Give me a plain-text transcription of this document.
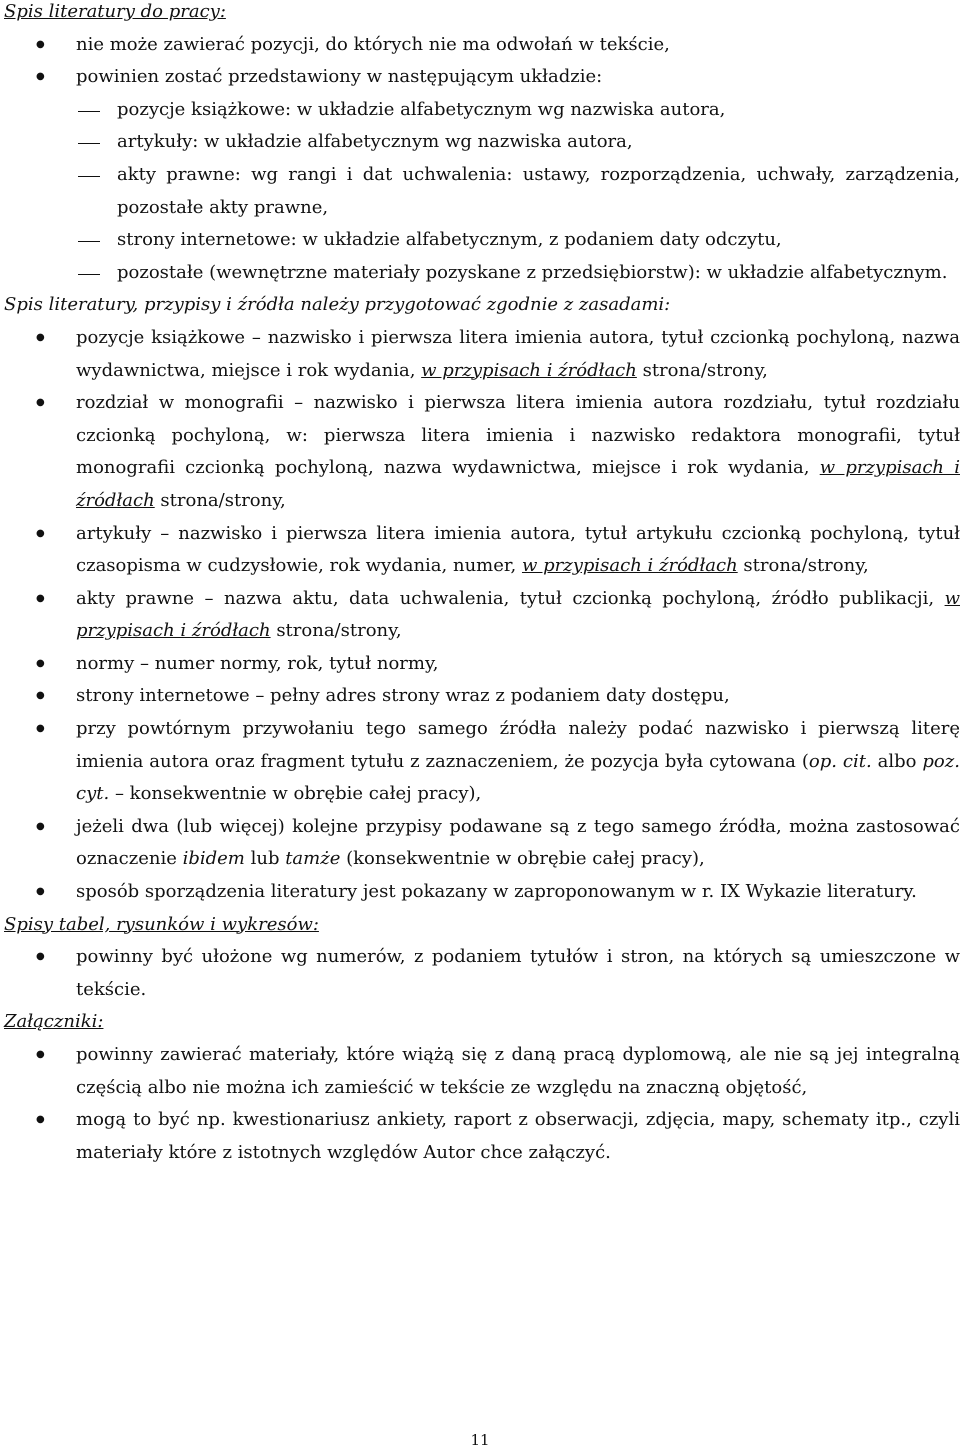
Spis literatury do pracy:

● nie może zawierać pozycji, do których nie ma odwołań w tekście,
● powinien zostać przedstawiony w następującym układzie:
pozycje książkowe: w układzie alfabetycznym wg nazwiska autora,
artykuły: w układzie alfabetycznym wg nazwiska autora,
akty prawne: wg rangi i dat uchwalenia: ustawy, rozporządzenia, uchwały, zarządzenia, pozostałe akty prawne,
strony internetowe: w układzie alfabetycznym, z podaniem daty odczytu,
pozostałe (wewnętrzne materiały pozyskane z przedsiębiorstw): w układzie alfabetycznym.

Spis literatury, przypisy i źródła należy przygotować zgodnie z zasadami:

● pozycje książkowe – nazwisko i pierwsza litera imienia autora, tytuł czcionką pochyloną, nazwa wydawnictwa, miejsce i rok wydania, w przypisach i źródłach strona/strony,
● rozdział w monografii – nazwisko i pierwsza litera imienia autora rozdziału, tytuł rozdziału czcionką pochyloną, w: pierwsza litera imienia i nazwisko redaktora monografii, tytuł monografii czcionką pochyloną, nazwa wydawnictwa, miejsce i rok wydania, w przypisach i źródłach strona/strony,
● artykuły – nazwisko i pierwsza litera imienia autora, tytuł artykułu czcionką pochyloną, tytuł czasopisma w cudzysłowie, rok wydania, numer, w przypisach i źródłach strona/strony,
● akty prawne – nazwa aktu, data uchwalenia, tytuł czcionką pochyloną, źródło publikacji, w przypisach i źródłach strona/strony,
● normy – numer normy, rok, tytuł normy,
● strony internetowe – pełny adres strony wraz z podaniem daty dostępu,
● przy powtórnym przywołaniu tego samego źródła należy podać nazwisko i pierwszą literę imienia autora oraz fragment tytułu z zaznaczeniem, że pozycja była cytowana (op. cit. albo poz. cyt. – konsekwentnie w obrębie całej pracy),
● jeżeli dwa (lub więcej) kolejne przypisy podawane są z tego samego źródła, można zastosować oznaczenie ibidem lub tamże (konsekwentnie w obrębie całej pracy),
● sposób sporządzenia literatury jest pokazany w zaproponowanym w r. IX Wykazie literatury.

Spisy tabel, rysunków i wykresów:

● powinny być ułożone wg numerów, z podaniem tytułów i stron, na których są umieszczone w tekście.

Załączniki:

● powinny zawierać materiały, które wiążą się z daną pracą dyplomową, ale nie są jej integralną częścią albo nie można ich zamieścić w tekście ze względu na znaczną objętość,
● mogą to być np. kwestionariusz ankiety, raport z obserwacji, zdjęcia, mapy, schematy itp., czyli materiały które z istotnych względów Autor chce załączyć.
11
